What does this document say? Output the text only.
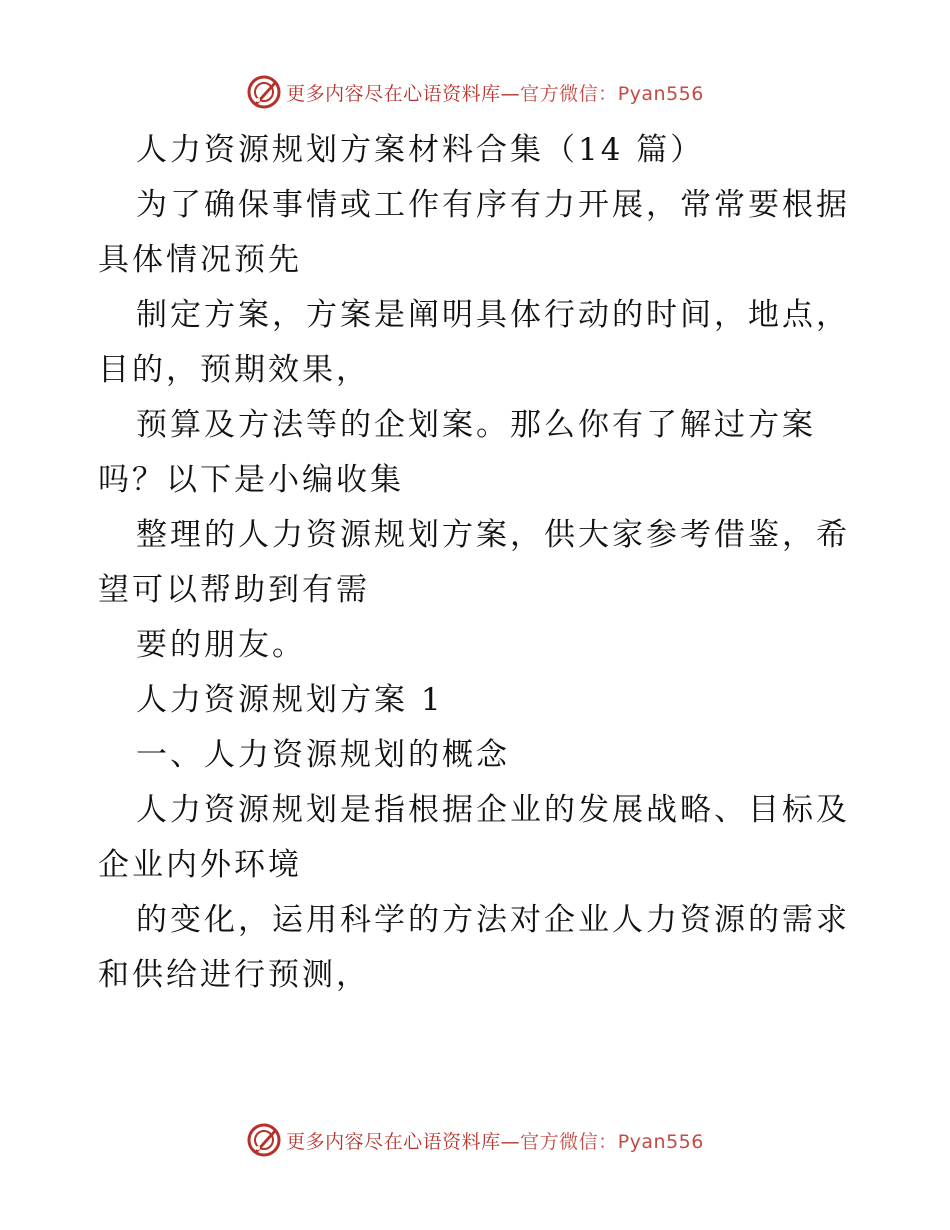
更多内容尽在心语资料库—官方微信：Pyan556

人力资源规划方案材料合集（14 篇）

为了确保事情或工作有序有力开展，常常要根据

具体情况预先

制定方案，方案是阐明具体行动的时间，地点，

目的，预期效果，

预算及方法等的企划案。那么你有了解过方案

吗？以下是小编收集

整理的人力资源规划方案，供大家参考借鉴，希

望可以帮助到有需

要的朋友。

人力资源规划方案 1

一、人力资源规划的概念

人力资源规划是指根据企业的发展战略、目标及

企业内外环境

的变化，运用科学的方法对企业人力资源的需求

和供给进行预测，

更多内容尽在心语资料库—官方微信：Pyan556
